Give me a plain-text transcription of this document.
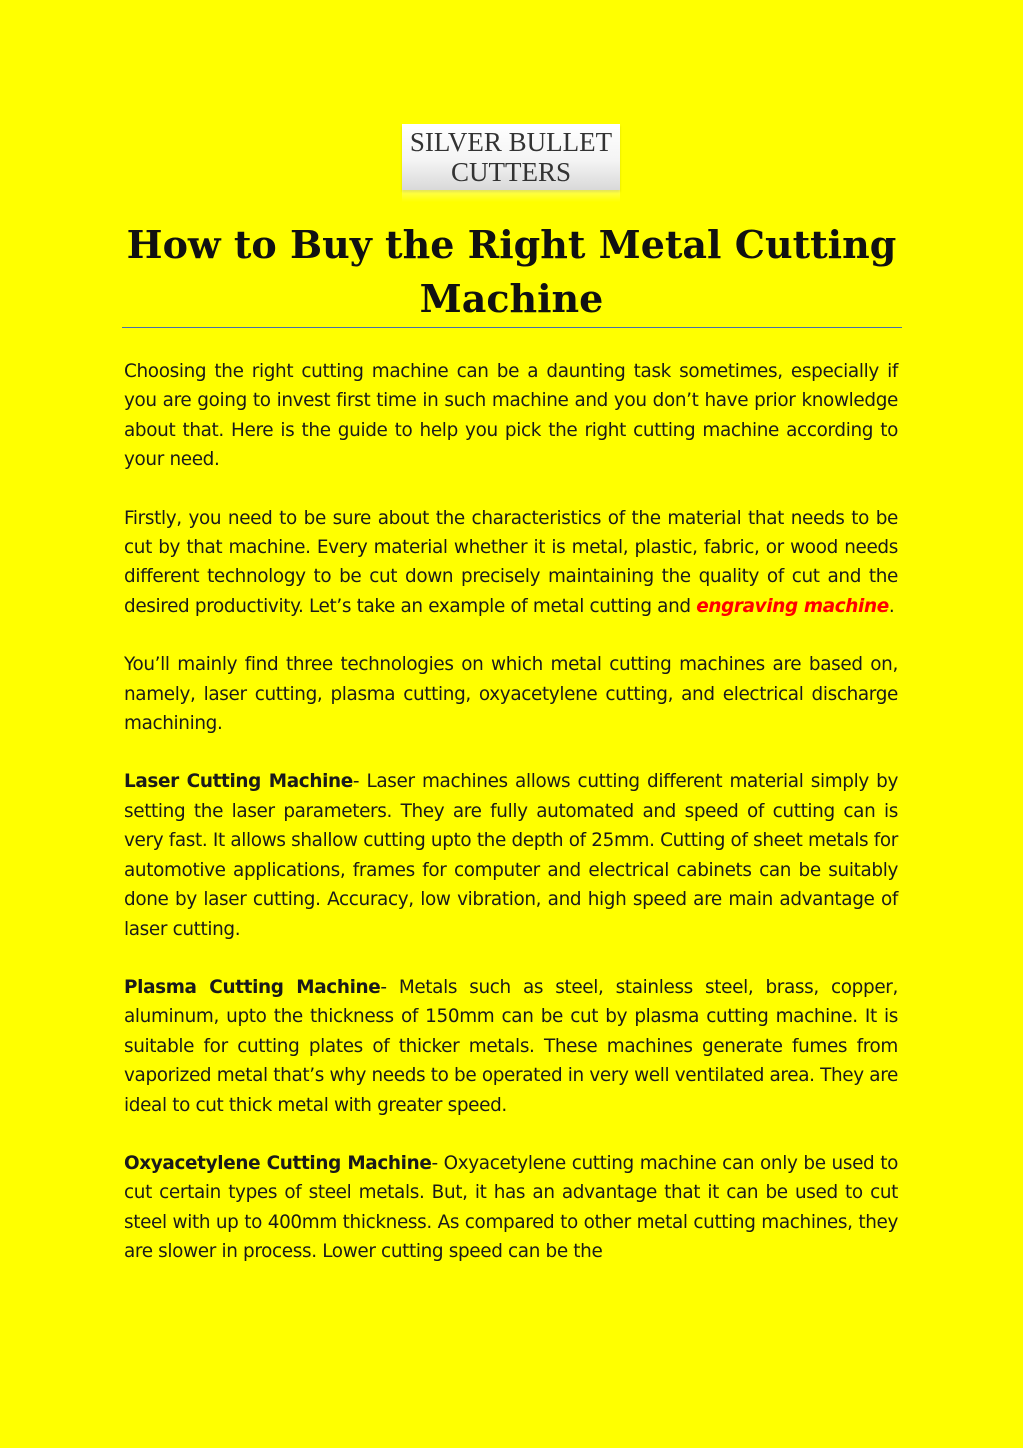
SILVER BULLET
CUTTERS
How to Buy the Right Metal Cutting Machine

Choosing the right cutting machine can be a daunting task sometimes, especially if you are going to invest first time in such machine and you don’t have prior knowledge about that. Here is the guide to help you pick the right cutting machine according to your need.

Firstly, you need to be sure about the characteristics of the material that needs to be cut by that machine. Every material whether it is metal, plastic, fabric, or wood needs different technology to be cut down precisely maintaining the quality of cut and the desired productivity. Let’s take an example of metal cutting and engraving machine.

You’ll mainly find three technologies on which metal cutting machines are based on, namely, laser cutting, plasma cutting, oxyacetylene cutting, and electrical discharge machining.

Laser Cutting Machine- Laser machines allows cutting different material simply by setting the laser parameters. They are fully automated and speed of cutting can is very fast. It allows shallow cutting upto the depth of 25mm. Cutting of sheet metals for automotive applications, frames for computer and electrical cabinets can be suitably done by laser cutting. Accuracy, low vibration, and high speed are main advantage of laser cutting.

Plasma Cutting Machine- Metals such as steel, stainless steel, brass, copper, aluminum, upto the thickness of 150mm can be cut by plasma cutting machine. It is suitable for cutting plates of thicker metals. These machines generate fumes from vaporized metal that’s why needs to be operated in very well ventilated area. They are ideal to cut thick metal with greater speed.

Oxyacetylene Cutting Machine- Oxyacetylene cutting machine can only be used to cut certain types of steel metals. But, it has an advantage that it can be used to cut steel with up to 400mm thickness. As compared to other metal cutting machines, they are slower in process. Lower cutting speed can be the
